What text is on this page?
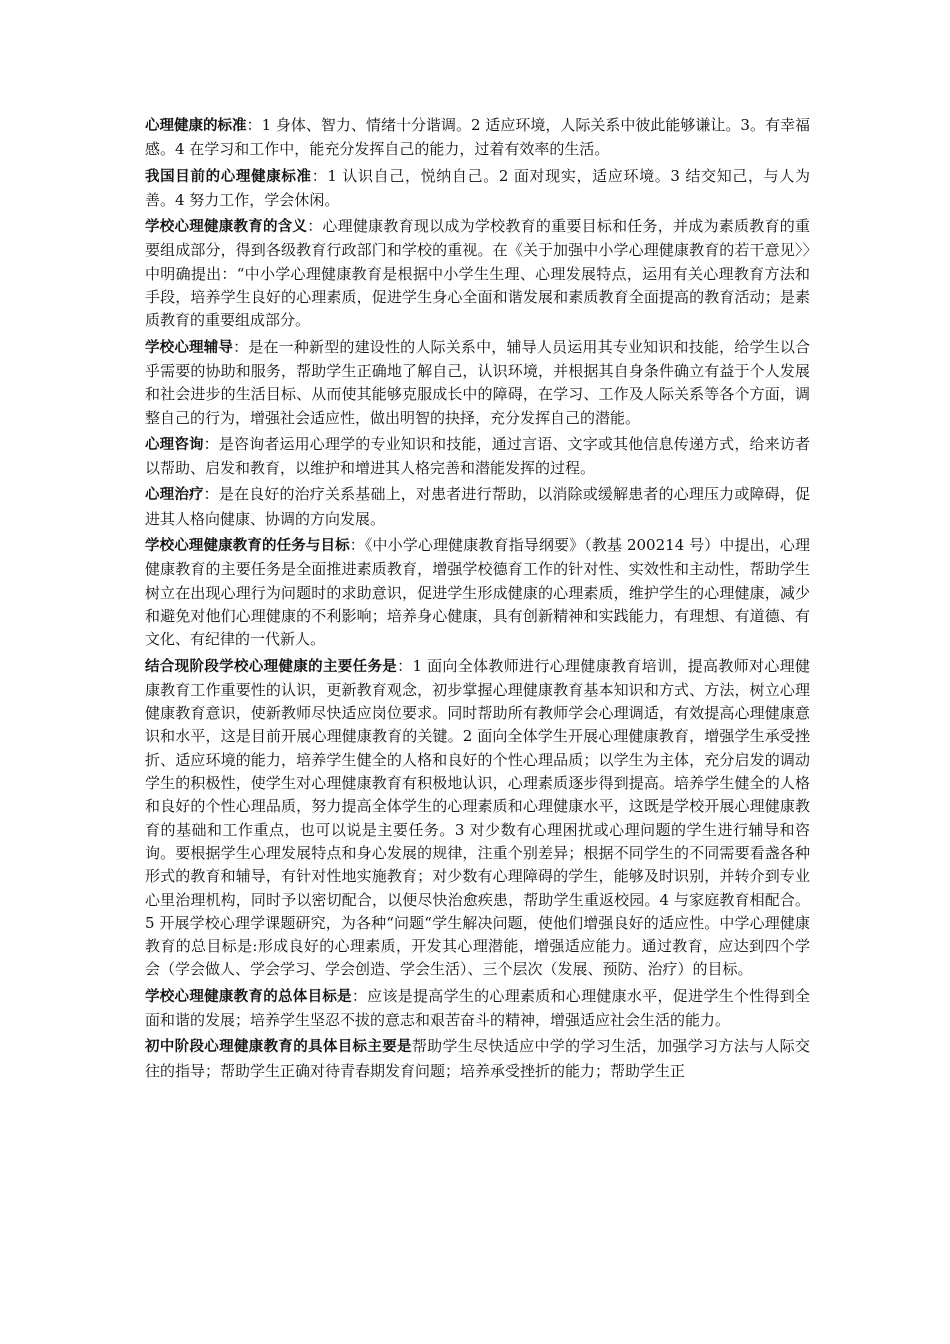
心理健康的标准：1 身体、智力、情绪十分谐调。2 适应环境，人际关系中彼此能够谦让。3。有幸福感。4 在学习和工作中，能充分发挥自己的能力，过着有效率的生活。

我国目前的心理健康标准：1 认识自己，悦纳自己。2 面对现实，适应环境。3 结交知己，与人为善。4 努力工作，学会休闲。

学校心理健康教育的含义：心理健康教育现以成为学校教育的重要目标和任务，并成为素质教育的重要组成部分，得到各级教育行政部门和学校的重视。在《关于加强中小学心理健康教育的若干意见〉〉中明确提出：“中小学心理健康教育是根据中小学生生理、心理发展特点，运用有关心理教育方法和手段，培养学生良好的心理素质，促进学生身心全面和谐发展和素质教育全面提高的教育活动；是素质教育的重要组成部分。

学校心理辅导：是在一种新型的建设性的人际关系中，辅导人员运用其专业知识和技能，给学生以合乎需要的协助和服务，帮助学生正确地了解自己，认识环境，并根据其自身条件确立有益于个人发展和社会进步的生活目标、从而使其能够克服成长中的障碍，在学习、工作及人际关系等各个方面，调整自己的行为，增强社会适应性，做出明智的抉择，充分发挥自己的潜能。

心理咨询：是咨询者运用心理学的专业知识和技能，通过言语、文字或其他信息传递方式，给来访者以帮助、启发和教育，以维护和增进其人格完善和潜能发挥的过程。

心理治疗：是在良好的治疗关系基础上，对患者进行帮助，以消除或缓解患者的心理压力或障碍，促进其人格向健康、协调的方向发展。

学校心理健康教育的任务与目标：《中小学心理健康教育指导纲要》（教基 200214 号）中提出，心理健康教育的主要任务是全面推进素质教育，增强学校德育工作的针对性、实效性和主动性，帮助学生树立在出现心理行为问题时的求助意识，促进学生形成健康的心理素质，维护学生的心理健康，减少和避免对他们心理健康的不利影响；培养身心健康，具有创新精神和实践能力，有理想、有道德、有文化、有纪律的一代新人。

结合现阶段学校心理健康的主要任务是：1 面向全体教师进行心理健康教育培训，提高教师对心理健康教育工作重要性的认识，更新教育观念，初步掌握心理健康教育基本知识和方式、方法，树立心理健康教育意识，使新教师尽快适应岗位要求。同时帮助所有教师学会心理调适，有效提高心理健康意识和水平，这是目前开展心理健康教育的关键。2 面向全体学生开展心理健康教育，增强学生承受挫折、适应环境的能力，培养学生健全的人格和良好的个性心理品质；以学生为主体，充分启发的调动学生的积极性，使学生对心理健康教育有积极地认识，心理素质逐步得到提高。培养学生健全的人格和良好的个性心理品质，努力提高全体学生的心理素质和心理健康水平，这既是学校开展心理健康教育的基础和工作重点，也可以说是主要任务。3 对少数有心理困扰或心理问题的学生进行辅导和咨询。要根据学生心理发展特点和身心发展的规律，注重个别差异；根据不同学生的不同需要看盏各种形式的教育和辅导，有针对性地实施教育；对少数有心理障碍的学生，能够及时识别，并转介到专业心里治理机构，同时予以密切配合，以便尽快治愈疾患，帮助学生重返校园。4 与家庭教育相配合。5 开展学校心理学课题研究，为各种“问题“学生解决问题，使他们增强良好的适应性。中学心理健康教育的总目标是:形成良好的心理素质，开发其心理潜能，增强适应能力。通过教育，应达到四个学会（学会做人、学会学习、学会创造、学会生活）、三个层次（发展、预防、治疗）的目标。

学校心理健康教育的总体目标是：应该是提高学生的心理素质和心理健康水平，促进学生个性得到全面和谐的发展；培养学生坚忍不拔的意志和艰苦奋斗的精神，增强适应社会生活的能力。

初中阶段心理健康教育的具体目标主要是帮助学生尽快适应中学的学习生活，加强学习方法与人际交往的指导；帮助学生正确对待青春期发育问题；培养承受挫折的能力；帮助学生正
